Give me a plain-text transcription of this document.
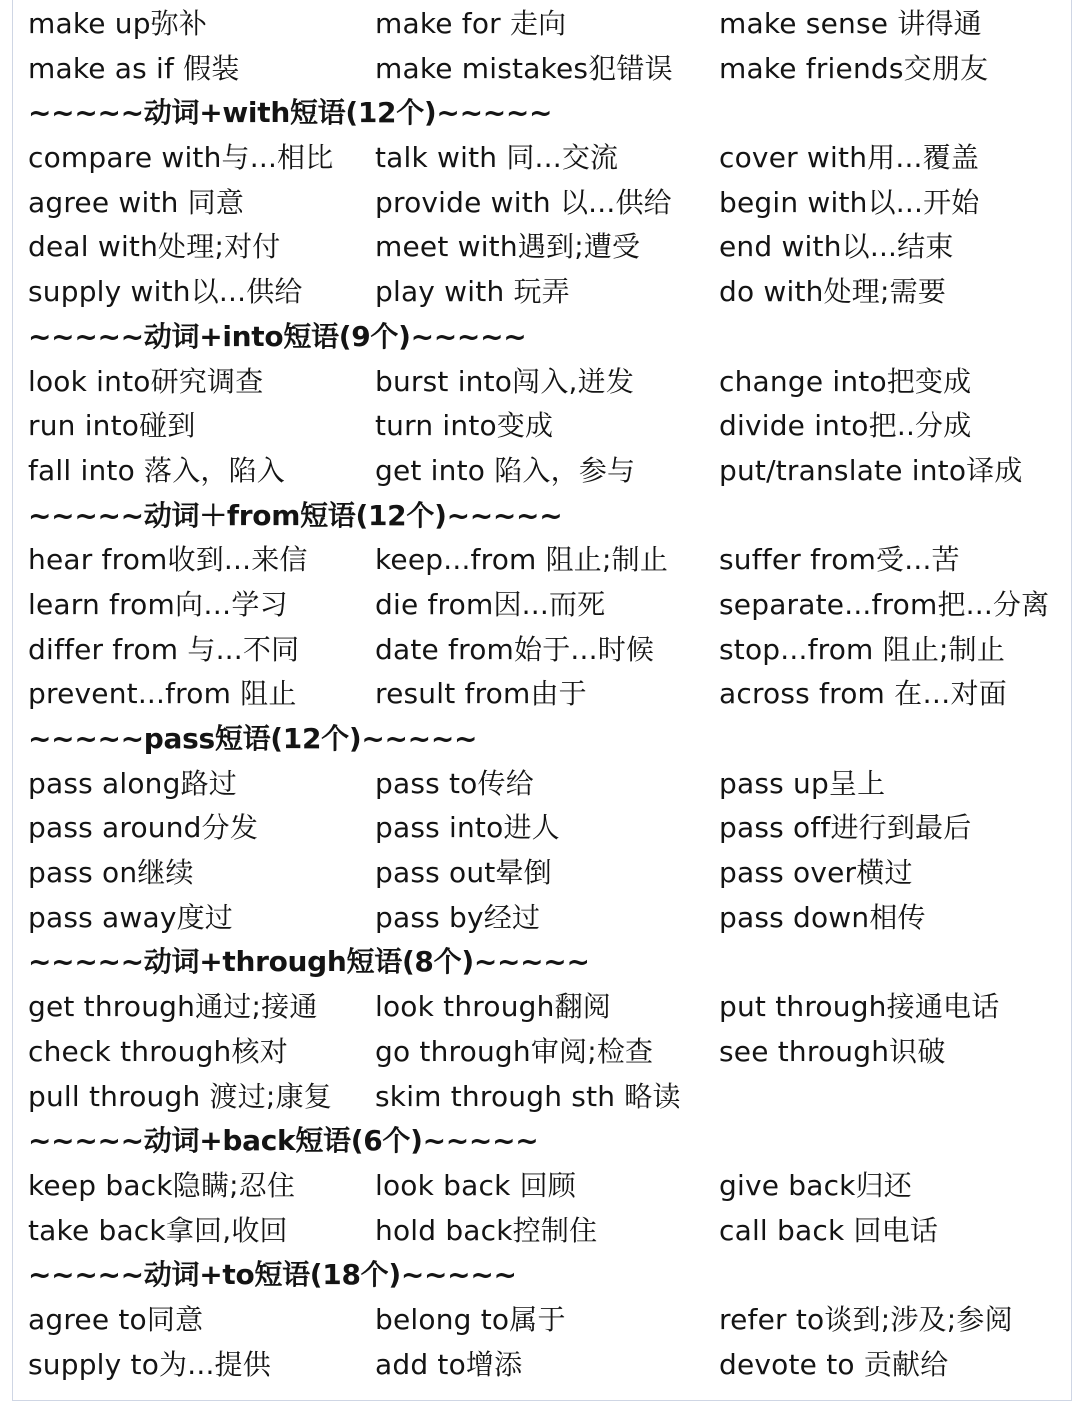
make up弥补	make for 走向	make sense 讲得通
make as if 假装	make mistakes犯错误 make friends交朋友
~~~~~动词+with短语(12个)~~~~~
compare with与...相比 talk with 同...交流	cover with用...覆盖
agree with 同意	provide with 以...供给 begin with以...开始
deal with处理;对付	meet with遇到;遭受	end with以...结束
supply with以...供给	play with 玩弄	do with处理;需要
~~~~~动词+into短语(9个)~~~~~
look into研究调查	burst into闯入,迸发	change into把变成
run into碰到	turn into变成	divide into把..分成
fall into 落入，陷入	get into 陷入，参与	put/translate into译成
~~~~~动词＋from短语(12个)~~~~~
hear from收到...来信 keep...from 阻止;制止 suffer from受...苦
learn from向…学习	die from因...而死	separate...from把...分离
differ from 与...不同	date from始于...时候 stop...from 阻止;制止
prevent...from 阻止	result from由于	across from 在…对面
~~~~~pass短语(12个)~~~~~
pass along路过	pass to传给	pass up呈上
pass around分发	pass into进人	pass off进行到最后
pass on继续	pass out晕倒	pass over横过
pass away度过	pass by经过	pass down相传
~~~~~动词+through短语(8个)~~~~~
get through通过;接通 look through翻阅	put through接通电话
check through核对	go through审阅;检查 see through识破
pull through 渡过;康复 skim through sth 略读
~~~~~动词+back短语(6个)~~~~~
keep back隐瞒;忍住	look back 回顾	give back归还
take back拿回,收回	hold back控制住	call back 回电话
~~~~~动词+to短语(18个)~~~~~
agree to同意	belong to属于	refer to谈到;涉及;参阅
supply to为...提供	add to增添	devote to 贡献给
